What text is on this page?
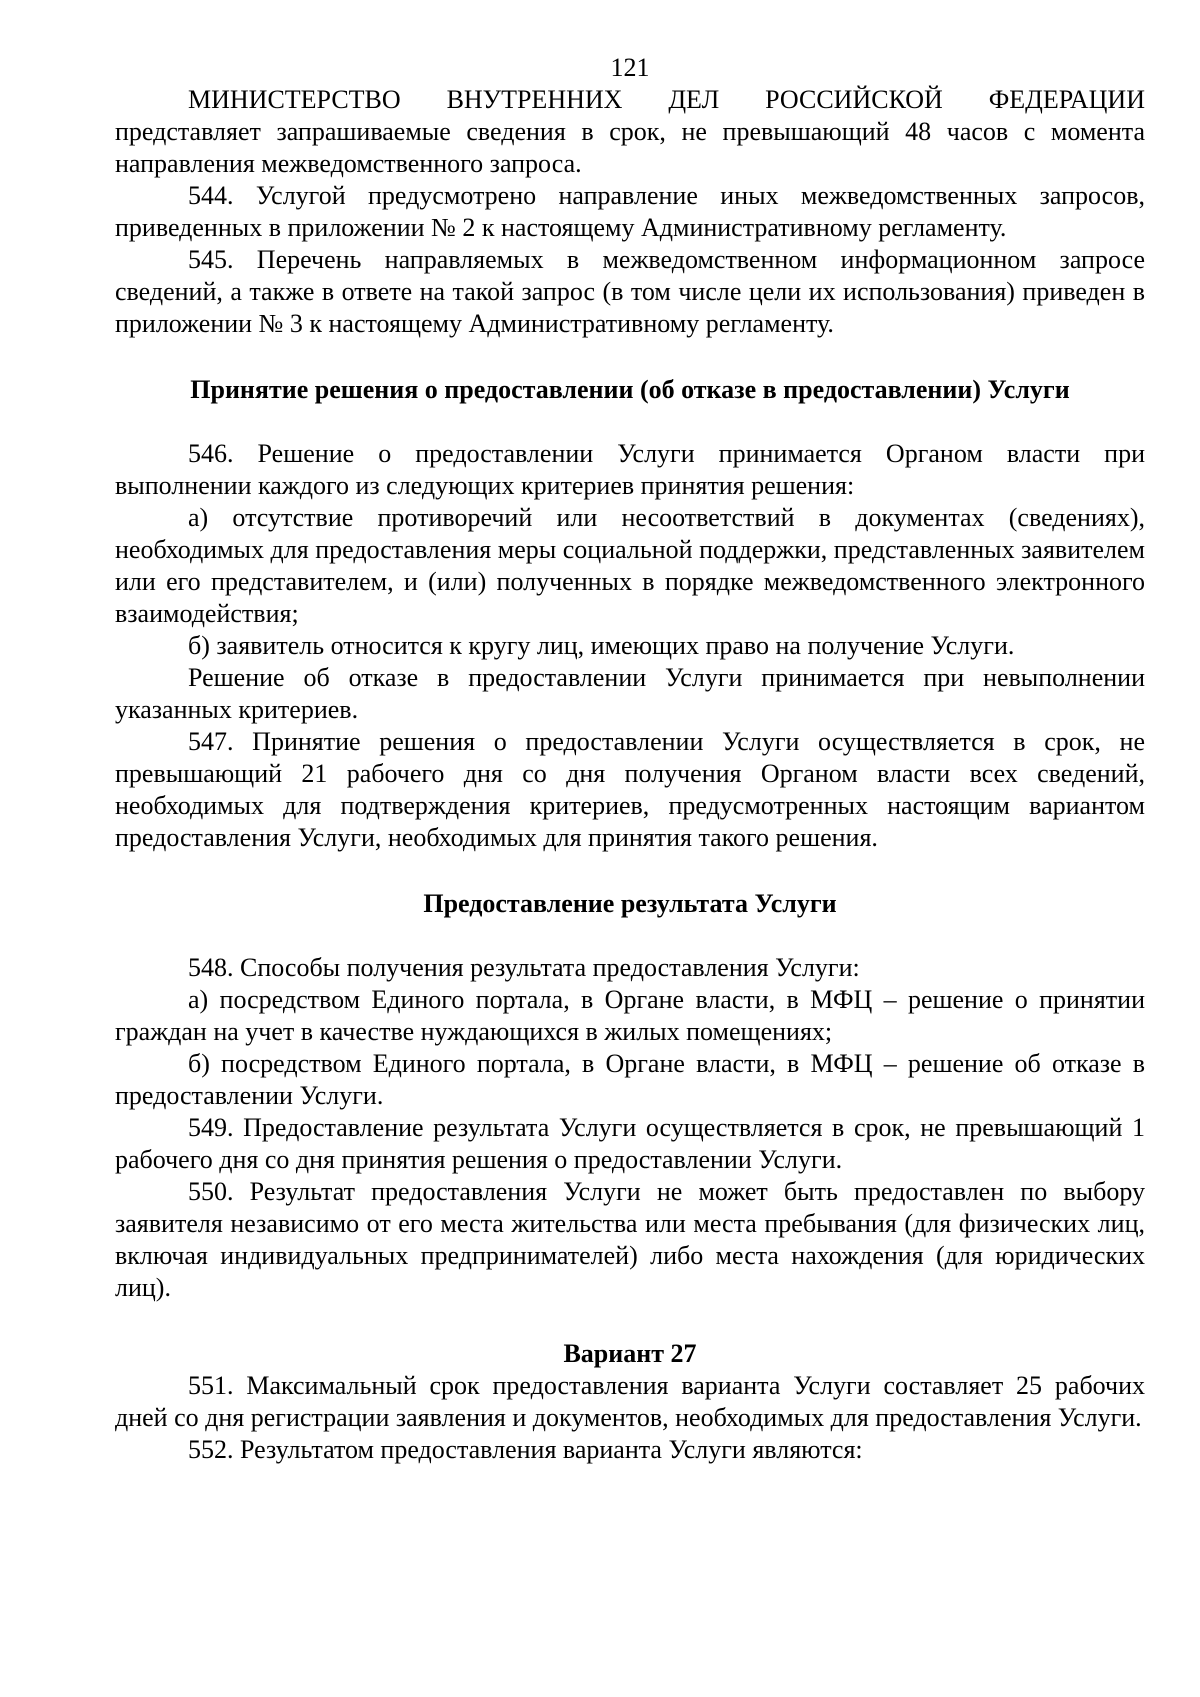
121

МИНИСТЕРСТВО ВНУТРЕННИХ ДЕЛ РОССИЙСКОЙ ФЕДЕРАЦИИ

представляет запрашиваемые сведения в срок, не превышающий 48 часов с момента направления межведомственного запроса.

544. Услугой предусмотрено направление иных межведомственных запросов, приведенных в приложении № 2 к настоящему Административному регламенту.

545. Перечень направляемых в межведомственном информационном запросе сведений, а также в ответе на такой запрос (в том числе цели их использования) приведен в приложении № 3 к настоящему Административному регламенту.

Принятие решения о предоставлении (об отказе в предоставлении) Услуги

546. Решение о предоставлении Услуги принимается Органом власти при выполнении каждого из следующих критериев принятия решения:

а) отсутствие противоречий или несоответствий в документах (сведениях), необходимых для предоставления меры социальной поддержки, представленных заявителем или его представителем, и (или) полученных в порядке межведомственного электронного взаимодействия;

б) заявитель относится к кругу лиц, имеющих право на получение Услуги.

Решение об отказе в предоставлении Услуги принимается при невыполнении указанных критериев.

547. Принятие решения о предоставлении Услуги осуществляется в срок, не превышающий 21 рабочего дня со дня получения Органом власти всех сведений, необходимых для подтверждения критериев, предусмотренных настоящим вариантом предоставления Услуги, необходимых для принятия такого решения.

Предоставление результата Услуги

548. Способы получения результата предоставления Услуги:

а) посредством Единого портала, в Органе власти, в МФЦ – решение о принятии граждан на учет в качестве нуждающихся в жилых помещениях;

б) посредством Единого портала, в Органе власти, в МФЦ – решение об отказе в предоставлении Услуги.

549. Предоставление результата Услуги осуществляется в срок, не превышающий 1 рабочего дня со дня принятия решения о предоставлении Услуги.

550. Результат предоставления Услуги не может быть предоставлен по выбору заявителя независимо от его места жительства или места пребывания (для физических лиц, включая индивидуальных предпринимателей) либо места нахождения (для юридических лиц).

Вариант 27

551. Максимальный срок предоставления варианта Услуги составляет 25 рабочих дней со дня регистрации заявления и документов, необходимых для предоставления Услуги.

552. Результатом предоставления варианта Услуги являются:
